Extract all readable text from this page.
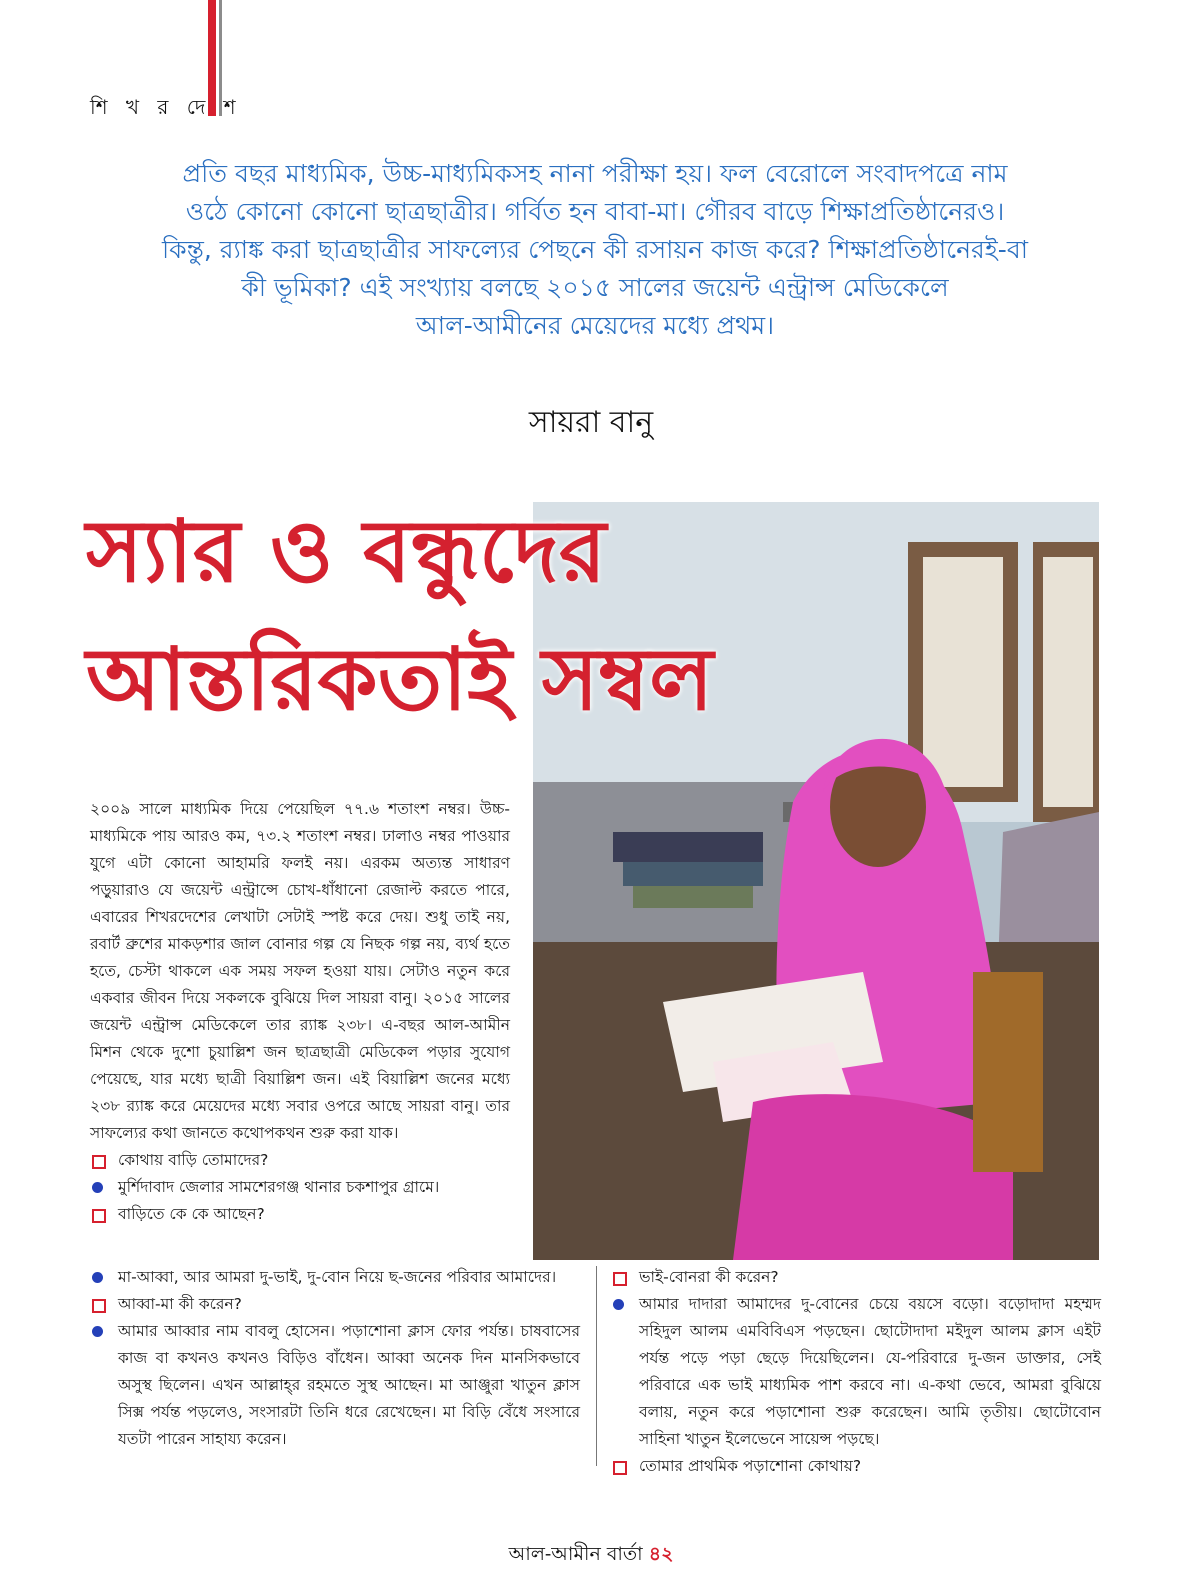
শি খ র দে শ

প্রতি বছর মাধ্যমিক, উচ্চ-মাধ্যমিকসহ নানা পরীক্ষা হয়। ফল বেরোলে সংবাদপত্রে নাম

ওঠে কোনো কোনো ছাত্রছাত্রীর। গর্বিত হন বাবা-মা। গৌরব বাড়ে শিক্ষাপ্রতিষ্ঠানেরও।

কিন্তু, র‍্যাঙ্ক করা ছাত্রছাত্রীর সাফল্যের পেছনে কী রসায়ন কাজ করে? শিক্ষাপ্রতিষ্ঠানেরই-বা

কী ভূমিকা? এই সংখ্যায় বলছে ২০১৫ সালের জয়েন্ট এন্ট্রান্স মেডিকেলে

আল-আমীনের মেয়েদের মধ্যে প্রথম।

সায়রা বানু

স্যার ও বন্ধুদের

আন্তরিকতাই সম্বল

২০০৯ সালে মাধ্যমিক দিয়ে পেয়েছিল ৭৭.৬ শতাংশ নম্বর। উচ্চ-মাধ্যমিকে পায় আরও কম, ৭৩.২ শতাংশ নম্বর। ঢালাও নম্বর পাওয়ার যুগে এটা কোনো আহামরি ফলই নয়। এরকম অত্যন্ত সাধারণ পড়ুয়ারাও যে জয়েন্ট এন্ট্রান্সে চোখ-ধাঁধানো রেজাল্ট করতে পারে, এবারের শিখরদেশের লেখাটা সেটাই স্পষ্ট করে দেয়। শুধু তাই নয়, রবার্ট ব্রুশের মাকড়শার জাল বোনার গল্প যে নিছক গল্প নয়, ব্যর্থ হতে হতে, চেস্টা থাকলে এক সময় সফল হওয়া যায়। সেটাও নতুন করে একবার জীবন দিয়ে সকলকে বুঝিয়ে দিল সায়রা বানু। ২০১৫ সালের জয়েন্ট এন্ট্রান্স মেডিকেলে তার র‍্যাঙ্ক ২৩৮। এ-বছর আল-আমীন মিশন থেকে দুশো চুয়াল্লিশ জন ছাত্রছাত্রী মেডিকেল পড়ার সুযোগ পেয়েছে, যার মধ্যে ছাত্রী বিয়াল্লিশ জন। এই বিয়াল্লিশ জনের মধ্যে ২৩৮ র‍্যাঙ্ক করে মেয়েদের মধ্যে সবার ওপরে আছে সায়রা বানু। তার সাফল্যের কথা জানতে কথোপকথন শুরু করা যাক।

কোথায় বাড়ি তোমাদের?

মুর্শিদাবাদ জেলার সামশেরগঞ্জ থানার চকশাপুর গ্রামে।

বাড়িতে কে কে আছেন?

মা-আব্বা, আর আমরা দু-ভাই, দু-বোন নিয়ে ছ-জনের পরিবার আমাদের।

আব্বা-মা কী করেন?

আমার আব্বার নাম বাবলু হোসেন। পড়াশোনা ক্লাস ফোর পর্যন্ত। চাষবাসের কাজ বা কখনও কখনও বিড়িও বাঁধেন। আব্বা অনেক দিন মানসিকভাবে অসুস্থ ছিলেন। এখন আল্লাহ্‌র রহমতে সুস্থ আছেন। মা আঞ্জুরা খাতুন ক্লাস সিক্স পর্যন্ত পড়লেও, সংসারটা তিনি ধরে রেখেছেন। মা বিড়ি বেঁধে সংসারে যতটা পারেন সাহায্য করেন।

ভাই-বোনরা কী করেন?

আমার দাদারা আমাদের দু-বোনের চেয়ে বয়সে বড়ো। বড়োদাদা মহম্মদ সহিদুল আলম এমবিবিএস পড়ছেন। ছোটোদাদা মইদুল আলম ক্লাস এইট পর্যন্ত পড়ে পড়া ছেড়ে দিয়েছিলেন। যে-পরিবারে দু-জন ডাক্তার, সেই পরিবারে এক ভাই মাধ্যমিক পাশ করবে না। এ-কথা ভেবে, আমরা বুঝিয়ে বলায়, নতুন করে পড়াশোনা শুরু করেছেন। আমি তৃতীয়। ছোটোবোন সাহিনা খাতুন ইলেভেনে সায়েন্স পড়ছে।

তোমার প্রাথমিক পড়াশোনা কোথায়?

আল-আমীন বার্তা ৪২
